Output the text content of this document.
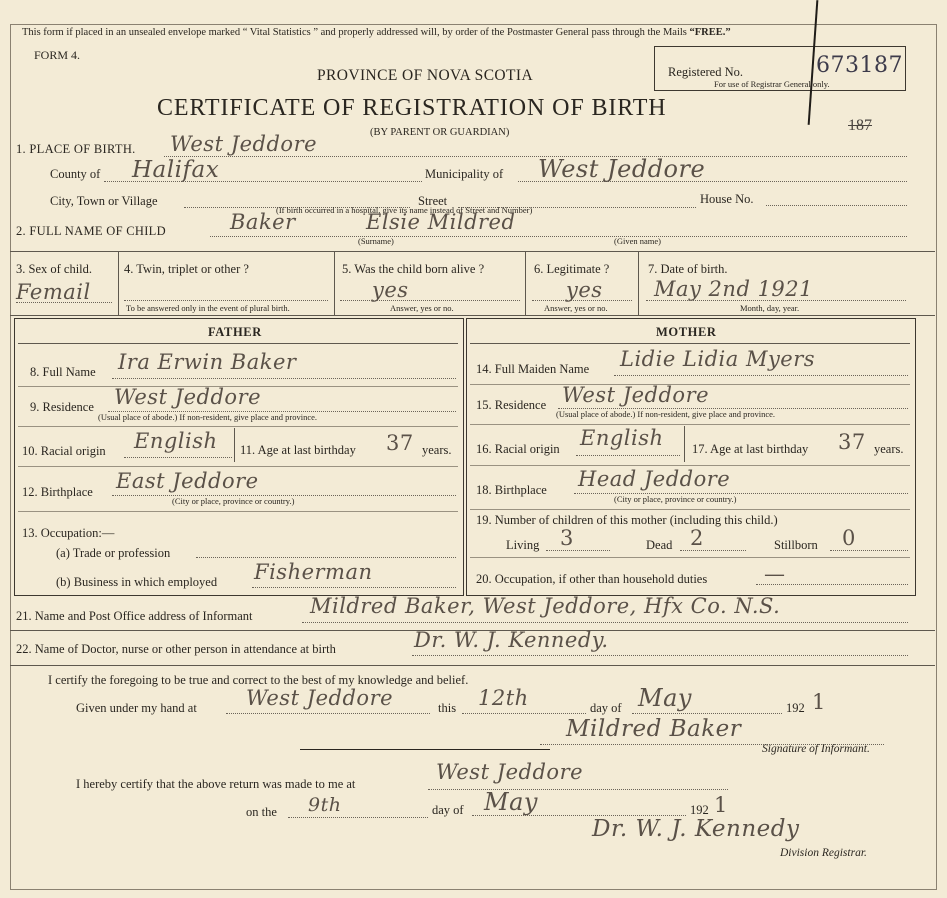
This form if placed in an unsealed envelope marked “ Vital Statistics ” and properly addressed will, by order of the Postmaster General pass through the Mails “FREE.”
FORM 4.
PROVINCE OF NOVA SCOTIA
CERTIFICATE OF REGISTRATION OF BIRTH
(BY PARENT OR GUARDIAN)
Registered No.	673187
For use of Registrar General only.
187
1. PLACE OF BIRTH. West Jeddore
County of Halifax	Municipality of West Jeddore
City, Town or Village	Street	House No.
(If birth occurred in a hospital, give its name instead of Street and Number)
2. FULL NAME OF CHILD	Baker	Elsie Mildred
(Surname)	(Given name)
3. Sex of child.
Femail
4. Twin, triplet or other ?
To be answered only in the event of plural birth.
5. Was the child born alive ?
yes
Answer, yes or no.
6. Legitimate ?
yes
Answer, yes or no.
7. Date of birth.
May 2nd 1921
Month, day, year.
FATHER
8. Full Name Ira Erwin Baker
9. Residence West Jeddore
(Usual place of abode.) If non-resident, give place and province.
10. Racial origin English 11. Age at last birthday 37 years.
12. Birthplace East Jeddore
(City or place, province or country.)
13. Occupation:—
(a) Trade or profession
(b) Business in which employed Fisherman
MOTHER
14. Full Maiden Name Lidie Lidia Myers
15. Residence West Jeddore
(Usual place of abode.) If non-resident, give place and province.
16. Racial origin English 17. Age at last birthday 37 years.
18. Birthplace Head Jeddore
(City or place, province or country.)
19. Number of children of this mother (including this child.)
Living 3	Dead 2	Stillborn 0
20. Occupation, if other than household duties	—
21. Name and Post Office address of Informant	Mildred Baker, West Jeddore, Hfx Co. N.S.
22. Name of Doctor, nurse or other person in attendance at birth	Dr. W. J. Kennedy.
I certify the foregoing to be true and correct to the best of my knowledge and belief.
Given under my hand at West Jeddore	this 12th	day of May	192 1
Mildred Baker
Signature of Informant.
I hereby certify that the above return was made to me at	West Jeddore
on the 9th	day of May	192 1
Dr. W. J. Kennedy
Division Registrar.
